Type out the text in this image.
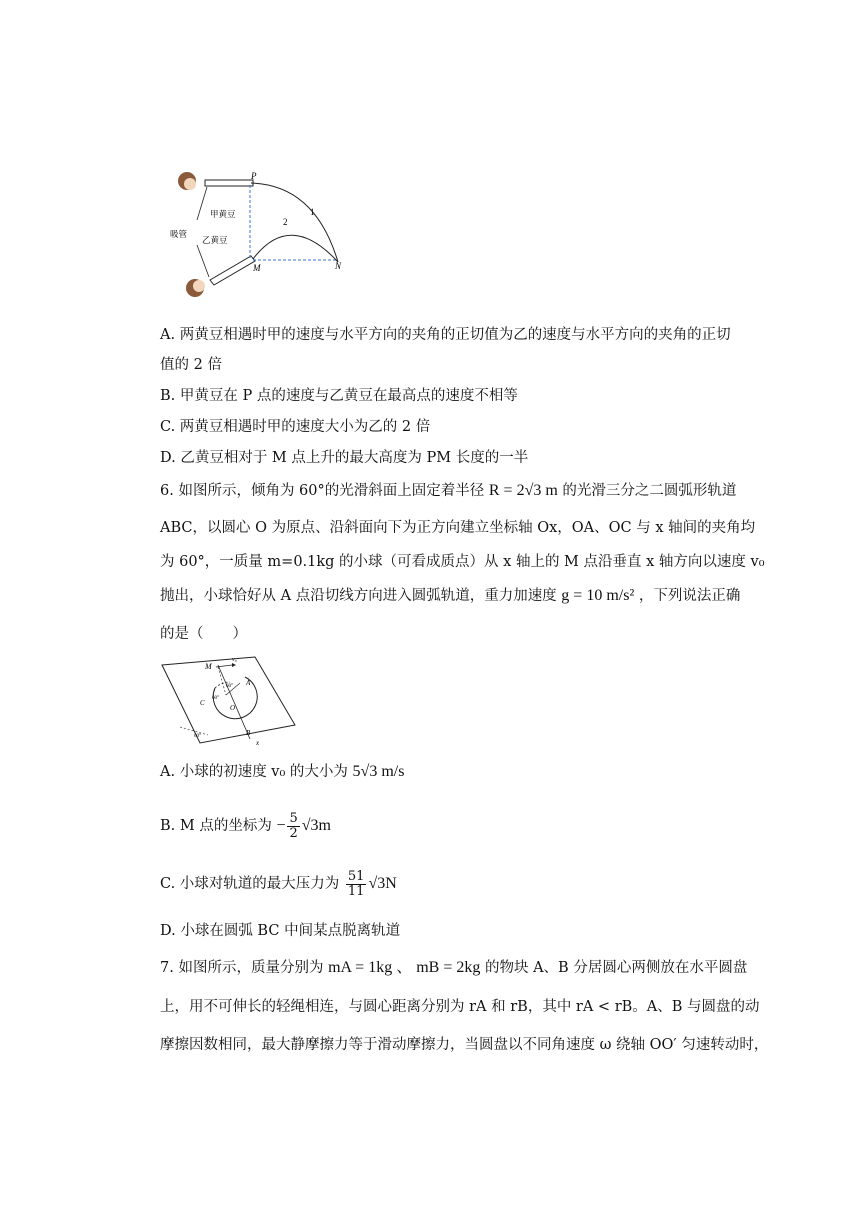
P
M	N
1
2
甲黄豆
乙黄豆
吸管
A. 两黄豆相遇时甲的速度与水平方向的夹角的正切值为乙的速度与水平方向的夹角的正切
值的 2 倍
B. 甲黄豆在 P 点的速度与乙黄豆在最高点的速度不相等
C. 两黄豆相遇时甲的速度大小为乙的 2 倍
D. 乙黄豆相对于 M 点上升的最大高度为 PM 长度的一半
6. 如图所示，倾角为 60°的光滑斜面上固定着半径 R = 2√3 m 的光滑三分之二圆弧形轨道
ABC，以圆心 O 为原点、沿斜面向下为正方向建立坐标轴 Ox，OA、OC 与 x 轴间的夹角均
为 60°，一质量 m=0.1kg 的小球（可看成质点）从 x 轴上的 M 点沿垂直 x 轴方向以速度 v₀
抛出，小球恰好从 A 点沿切线方向进入圆弧轨道，重力加速度 g = 10 m/s² ，下列说法正确
的是（　　）
M
v₀
A
C
O
B
x
60°
60°
60°
A. 小球的初速度 v₀ 的大小为 5√3 m/s
B. M 点的坐标为 − $\frac{5}{2} √3m$
C. 小球对轨道的最大压力为 $\frac{51}{11} √3N$
D. 小球在圆弧 BC 中间某点脱离轨道
7. 如图所示，质量分别为 mA = 1kg 、 mB = 2kg 的物块 A、B 分居圆心两侧放在水平圆盘
上，用不可伸长的轻绳相连，与圆心距离分别为 rA 和 rB，其中 rA < rB。A、B 与圆盘的动
摩擦因数相同，最大静摩擦力等于滑动摩擦力，当圆盘以不同角速度 ω 绕轴 OO′ 匀速转动时，
